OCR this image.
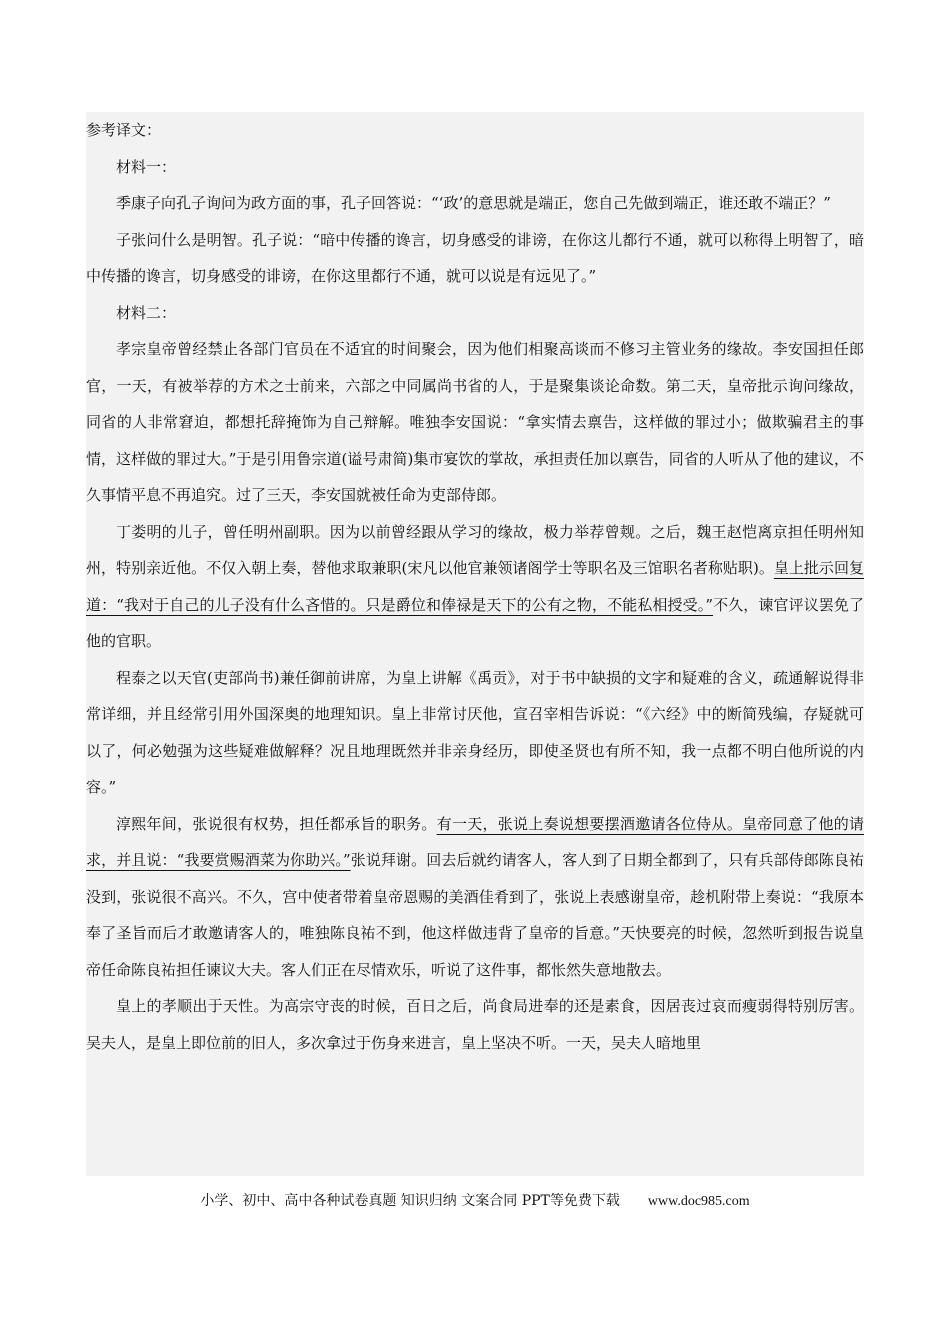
参考译文：

材料一：

季康子向孔子询问为政方面的事，孔子回答说：“‘政’的意思就是端正，您自己先做到端正，谁还敢不端正？”

子张问什么是明智。孔子说：“暗中传播的谗言，切身感受的诽谤，在你这儿都行不通，就可以称得上明智了，暗中传播的谗言，切身感受的诽谤，在你这里都行不通，就可以说是有远见了。”

材料二：

孝宗皇帝曾经禁止各部门官员在不适宜的时间聚会，因为他们相聚高谈而不修习主管业务的缘故。李安国担任郎官，一天，有被举荐的方术之士前来，六部之中同属尚书省的人，于是聚集谈论命数。第二天，皇帝批示询问缘故，同省的人非常窘迫，都想托辞掩饰为自己辩解。唯独李安国说：“拿实情去禀告，这样做的罪过小；做欺骗君主的事情，这样做的罪过大。”于是引用鲁宗道(谥号肃简)集市宴饮的掌故，承担责任加以禀告，同省的人听从了他的建议，不久事情平息不再追究。过了三天，李安国就被任命为吏部侍郎。

丁娄明的儿子，曾任明州副职。因为以前曾经跟从学习的缘故，极力举荐曾觌。之后，魏王赵恺离京担任明州知州，特别亲近他。不仅入朝上奏，替他求取兼职(宋凡以他官兼领诸阁学士等职名及三馆职名者称贴职)。皇上批示回复道：“我对于自己的儿子没有什么吝惜的。只是爵位和俸禄是天下的公有之物，不能私相授受。”不久，谏官评议罢免了他的官职。

程泰之以天官(吏部尚书)兼任御前讲席，为皇上讲解《禹贡》，对于书中缺损的文字和疑难的含义，疏通解说得非常详细，并且经常引用外国深奥的地理知识。皇上非常讨厌他，宣召宰相告诉说：“《六经》中的断简残编，存疑就可以了，何必勉强为这些疑难做解释？况且地理既然并非亲身经历，即使圣贤也有所不知，我一点都不明白他所说的内容。”

淳熙年间，张说很有权势，担任都承旨的职务。有一天，张说上奏说想要摆酒邀请各位侍从。皇帝同意了他的请求，并且说：“我要赏赐酒菜为你助兴。”张说拜谢。回去后就约请客人，客人到了日期全都到了，只有兵部侍郎陈良祐没到，张说很不高兴。不久，宫中使者带着皇帝恩赐的美酒佳肴到了，张说上表感谢皇帝，趁机附带上奏说：“我原本奉了圣旨而后才敢邀请客人的，唯独陈良祐不到，他这样做违背了皇帝的旨意。”天快要亮的时候，忽然听到报告说皇帝任命陈良祐担任谏议大夫。客人们正在尽情欢乐，听说了这件事，都怅然失意地散去。

皇上的孝顺出于天性。为高宗守丧的时候，百日之后，尚食局进奉的还是素食，因居丧过哀而瘦弱得特别厉害。吴夫人，是皇上即位前的旧人，多次拿过于伤身来进言，皇上坚决不听。一天，吴夫人暗地里

小学、初中、高中各种试卷真题 知识归纳 文案合同 PPT等免费下载 www.doc985.com
